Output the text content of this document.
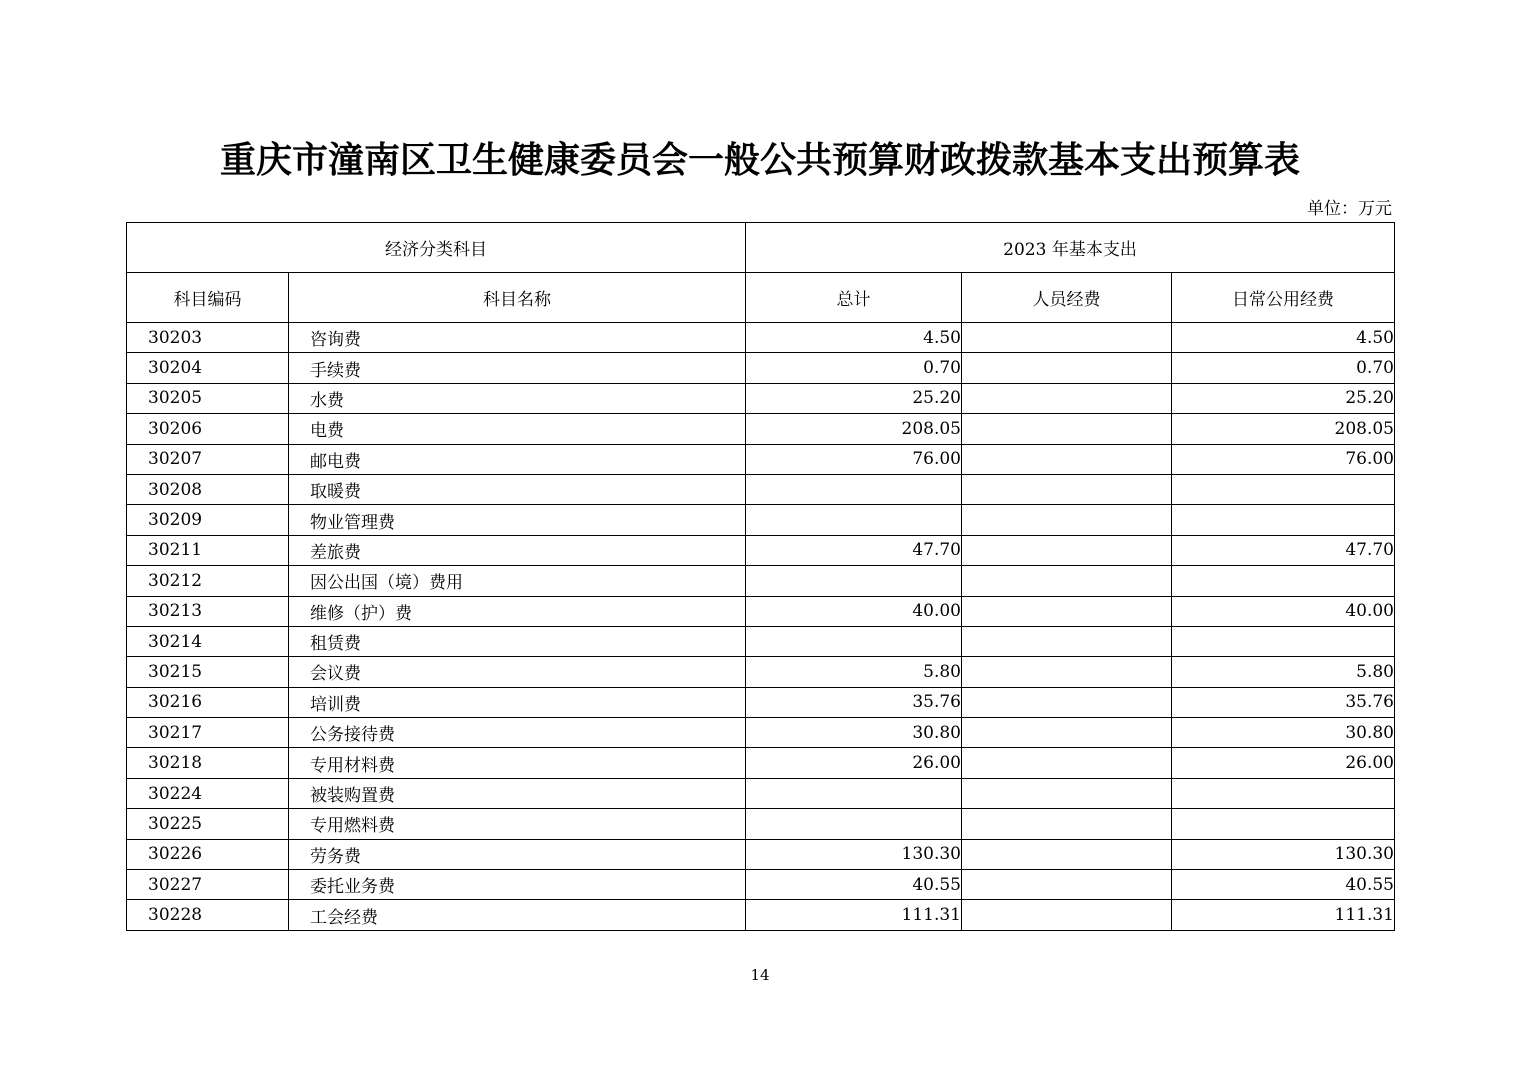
重庆市潼南区卫生健康委员会一般公共预算财政拨款基本支出预算表
单位：万元
经济分类科目		2023 年基本支出		
科目编码	科目名称	总计	人员经费	日常公用经费
30203	咨询费	4.50		4.50
30204	手续费	0.70		0.70
30205	水费	25.20		25.20
30206	电费	208.05		208.05
30207	邮电费	76.00		76.00
30208	取暖费			
30209	物业管理费			
30211	差旅费	47.70		47.70
30212	因公出国（境）费用			
30213	维修（护）费	40.00		40.00
30214	租赁费			
30215	会议费	5.80		5.80
30216	培训费	35.76		35.76
30217	公务接待费	30.80		30.80
30218	专用材料费	26.00		26.00
30224	被装购置费			
30225	专用燃料费			
30226	劳务费	130.30		130.30
30227	委托业务费	40.55		40.55
30228	工会经费	111.31		111.31
14
